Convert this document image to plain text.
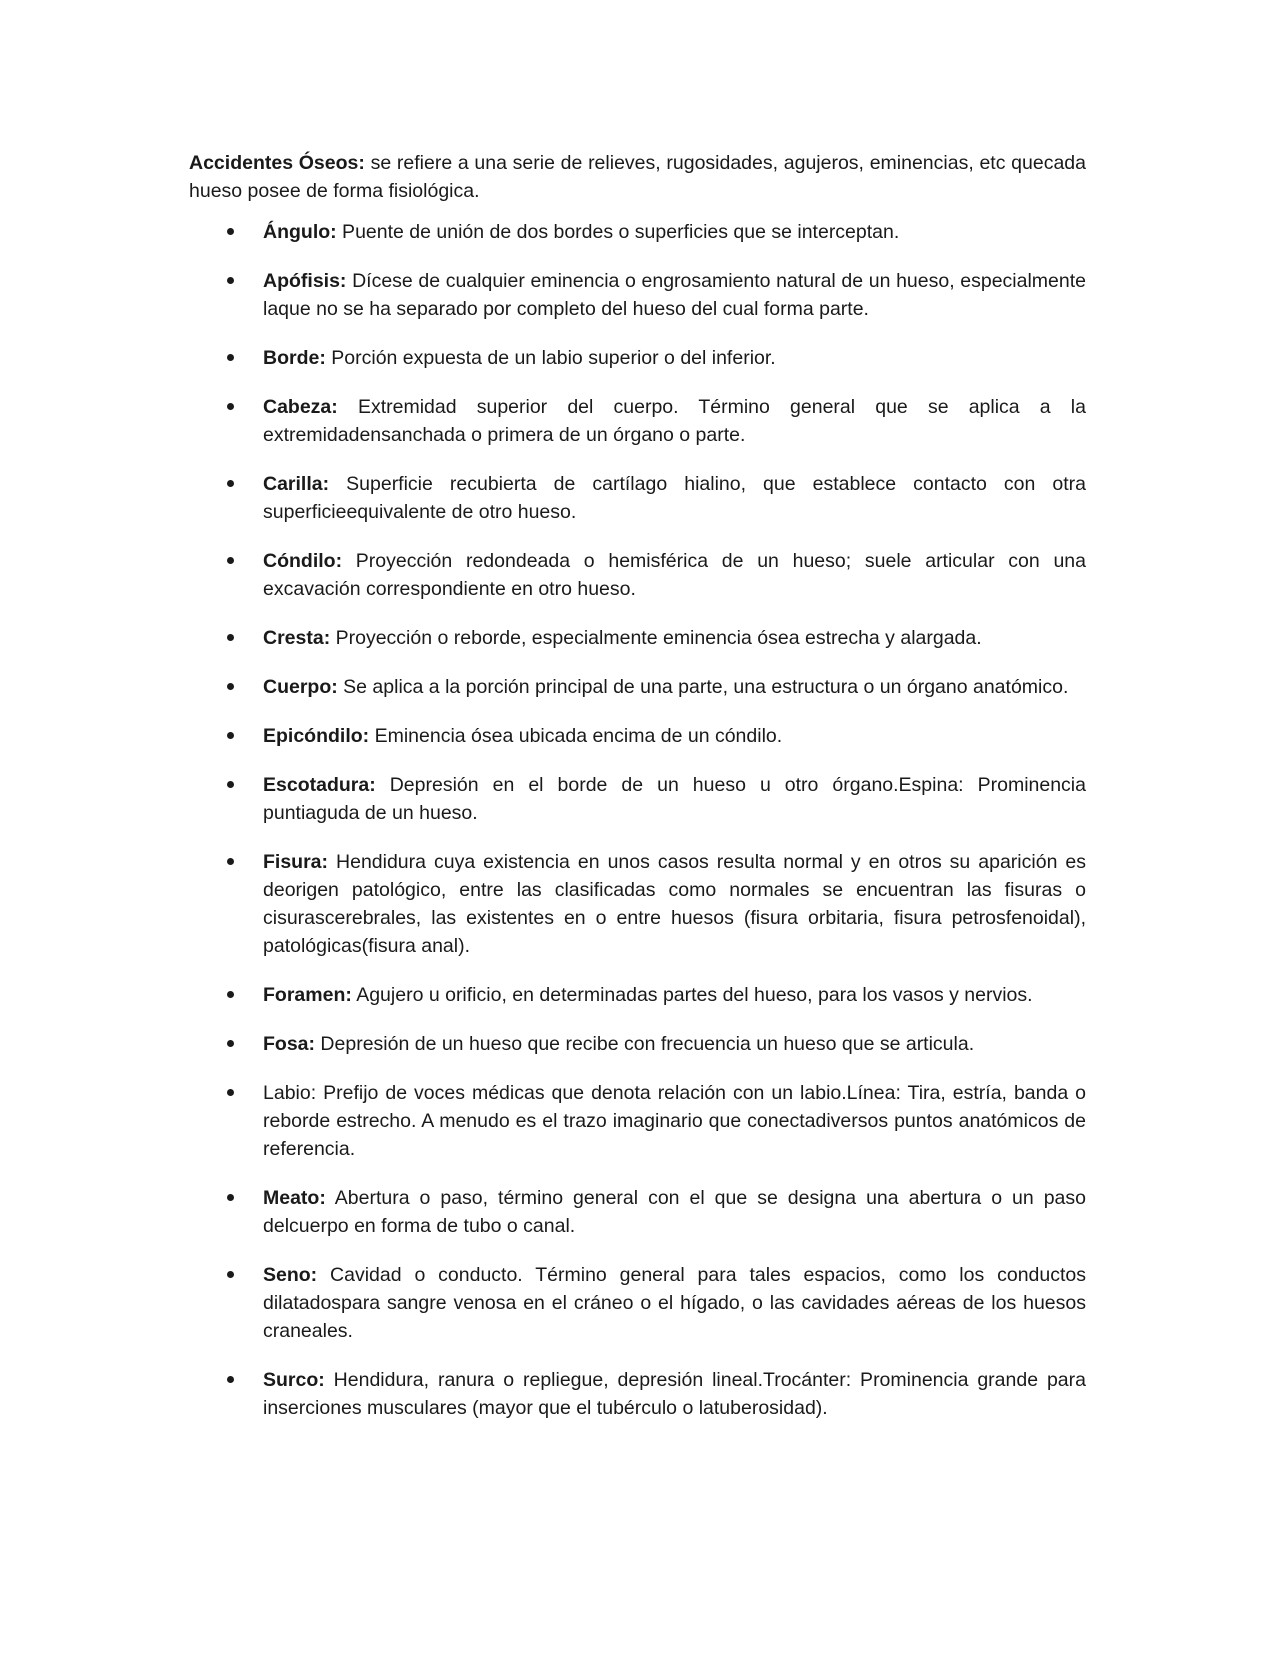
Accidentes Óseos: se refiere a una serie de relieves, rugosidades, agujeros, eminencias, etc quecada hueso posee de forma fisiológica.

Ángulo: Puente de unión de dos bordes o superficies que se interceptan.
Apófisis: Dícese de cualquier eminencia o engrosamiento natural de un hueso, especialmente laque no se ha separado por completo del hueso del cual forma parte.
Borde: Porción expuesta de un labio superior o del inferior.
Cabeza: Extremidad superior del cuerpo. Término general que se aplica a la extremidadensanchada o primera de un órgano o parte.
Carilla: Superficie recubierta de cartílago hialino, que establece contacto con otra superficieequivalente de otro hueso.
Cóndilo: Proyección redondeada o hemisférica de un hueso; suele articular con una excavación correspondiente en otro hueso.
Cresta: Proyección o reborde, especialmente eminencia ósea estrecha y alargada.
Cuerpo: Se aplica a la porción principal de una parte, una estructura o un órgano anatómico.
Epicóndilo: Eminencia ósea ubicada encima de un cóndilo.
Escotadura: Depresión en el borde de un hueso u otro órgano.Espina: Prominencia puntiaguda de un hueso.
Fisura: Hendidura cuya existencia en unos casos resulta normal y en otros su aparición es deorigen patológico, entre las clasificadas como normales se encuentran las fisuras o cisurascerebrales, las existentes en o entre huesos (fisura orbitaria, fisura petrosfenoidal), patológicas(fisura anal).
Foramen: Agujero u orificio, en determinadas partes del hueso, para los vasos y nervios.
Fosa: Depresión de un hueso que recibe con frecuencia un hueso que se articula.
Labio: Prefijo de voces médicas que denota relación con un labio.Línea: Tira, estría, banda o reborde estrecho. A menudo es el trazo imaginario que conectadiversos puntos anatómicos de referencia.
Meato: Abertura o paso, término general con el que se designa una abertura o un paso delcuerpo en forma de tubo o canal.
Seno: Cavidad o conducto. Término general para tales espacios, como los conductos dilatadospara sangre venosa en el cráneo o el hígado, o las cavidades aéreas de los huesos craneales.
Surco: Hendidura, ranura o repliegue, depresión lineal.Trocánter: Prominencia grande para inserciones musculares (mayor que el tubérculo o latuberosidad).
